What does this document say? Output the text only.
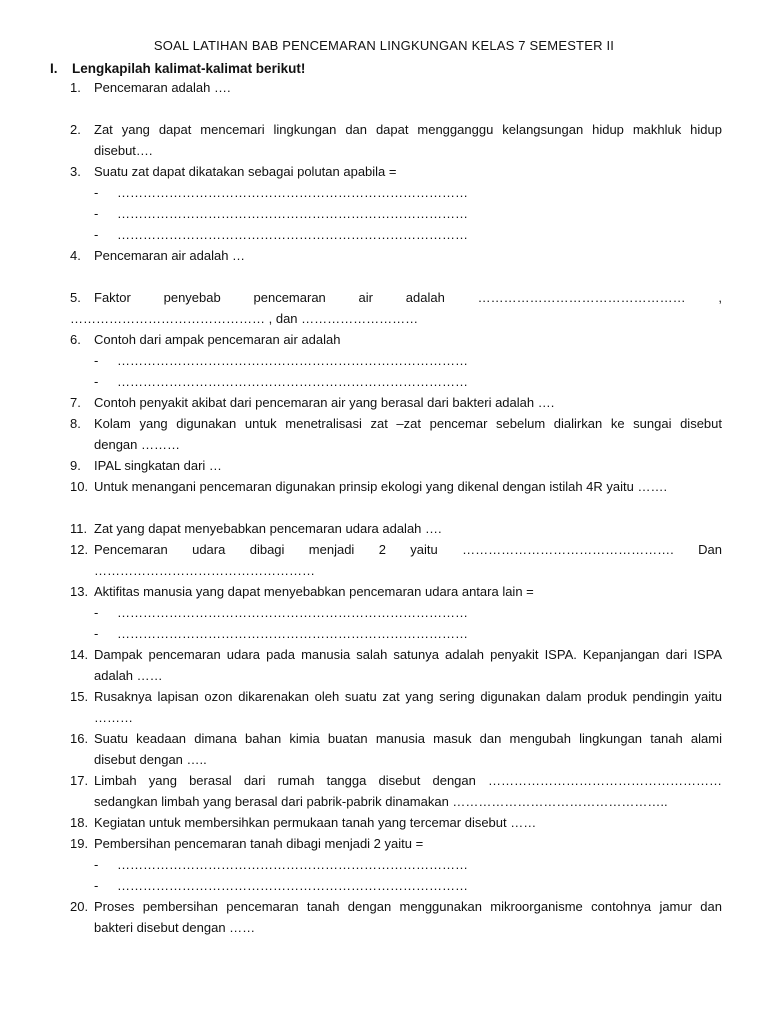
SOAL LATIHAN BAB PENCEMARAN LINGKUNGAN KELAS 7 SEMESTER II
I. Lengkapilah kalimat-kalimat berikut!
1.	Pencemaran adalah ….
2.	Zat yang dapat mencemari lingkungan dan dapat mengganggu kelangsungan hidup makhluk hidup
disebut….
3.	Suatu zat dapat dikatakan sebagai polutan apabila =
-	………………………………………………………………………
-	………………………………………………………………………
-	………………………………………………………………………
4.	Pencemaran air adalah …
5.	Faktor penyebab pencemaran air adalah ………………………………………… ,
……………………………………… , dan ………………………
6.	Contoh dari ampak pencemaran air adalah
-	………………………………………………………………………
-	………………………………………………………………………
7.	Contoh penyakit akibat dari pencemaran air yang berasal dari bakteri adalah ….
8.	Kolam yang digunakan untuk menetralisasi zat –zat pencemar sebelum dialirkan ke sungai disebut
dengan ………
9.	IPAL singkatan dari …
10. Untuk menangani pencemaran digunakan prinsip ekologi yang dikenal dengan istilah 4R yaitu …….
11. Zat yang dapat menyebabkan pencemaran udara adalah ….
12. Pencemaran udara dibagi menjadi 2 yaitu …………………………………………. Dan
……………………………………………
13. Aktifitas manusia yang dapat menyebabkan pencemaran udara antara lain =
-	………………………………………………………………………
-	………………………………………………………………………
14. Dampak pencemaran udara pada manusia salah satunya adalah penyakit ISPA. Kepanjangan dari ISPA
adalah ……
15. Rusaknya lapisan ozon dikarenakan oleh suatu zat yang sering digunakan dalam produk pendingin yaitu
………
16. Suatu keadaan dimana bahan kimia buatan manusia masuk dan mengubah lingkungan tanah alami
disebut dengan …..
17. Limbah yang berasal dari rumah tangga disebut dengan ………………………………………………
sedangkan limbah yang berasal dari pabrik-pabrik dinamakan …………………………………………..
18. Kegiatan untuk membersihkan permukaan tanah yang tercemar disebut ……
19. Pembersihan pencemaran tanah dibagi menjadi 2 yaitu =
-	………………………………………………………………………
-	………………………………………………………………………
20. Proses pembersihan pencemaran tanah dengan menggunakan mikroorganisme contohnya jamur dan
bakteri disebut dengan ……
